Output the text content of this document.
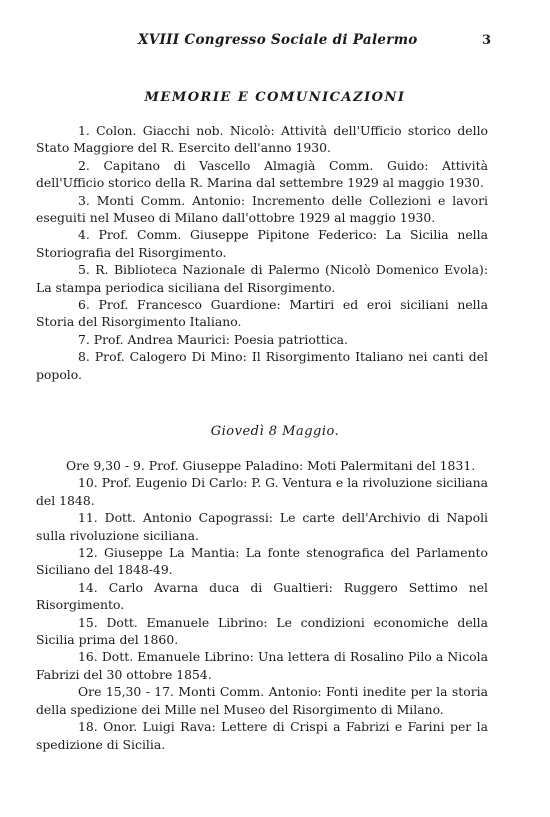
XVIII Congresso Sociale di Palermo	3
MEMORIE E COMUNICAZIONI

1. Colon. Giacchi nob. Nicolò: Attività dell'Ufficio storico dello Stato Maggiore del R. Esercito dell'anno 1930.

2. Capitano di Vascello Almagià Comm. Guido: Attività dell'Ufficio storico della R. Marina dal settembre 1929 al maggio 1930.

3. Monti Comm. Antonio: Incremento delle Collezioni e lavori eseguiti nel Museo di Milano dall'ottobre 1929 al maggio 1930.

4. Prof. Comm. Giuseppe Pipitone Federico: La Sicilia nella Storiografia del Risorgimento.

5. R. Biblioteca Nazionale di Palermo (Nicolò Domenico Evola): La stampa periodica siciliana del Risorgimento.

6. Prof. Francesco Guardione: Martiri ed eroi siciliani nella Storia del Risorgimento Italiano.

7. Prof. Andrea Maurici: Poesia patriottica.

8. Prof. Calogero Di Mino: Il Risorgimento Italiano nei canti del popolo.

Giovedì 8 Maggio.

Ore 9,30 - 9. Prof. Giuseppe Paladino: Moti Palermitani del 1831.

10. Prof. Eugenio Di Carlo: P. G. Ventura e la rivoluzione siciliana del 1848.

11. Dott. Antonio Capograssi: Le carte dell'Archivio di Napoli sulla rivoluzione siciliana.

12. Giuseppe La Mantia: La fonte stenografica del Parlamento Siciliano del 1848-49.

14. Carlo Avarna duca di Gualtieri: Ruggero Settimo nel Risorgimento.

15. Dott. Emanuele Librino: Le condizioni economiche della Sicilia prima del 1860.

16. Dott. Emanuele Librino: Una lettera di Rosalino Pilo a Nicola Fabrizi del 30 ottobre 1854.

Ore 15,30 - 17. Monti Comm. Antonio: Fonti inedite per la storia della spedizione dei Mille nel Museo del Risorgimento di Milano.

18. Onor. Luigi Rava: Lettere di Crispi a Fabrizi e Farini per la spedizione di Sicilia.
